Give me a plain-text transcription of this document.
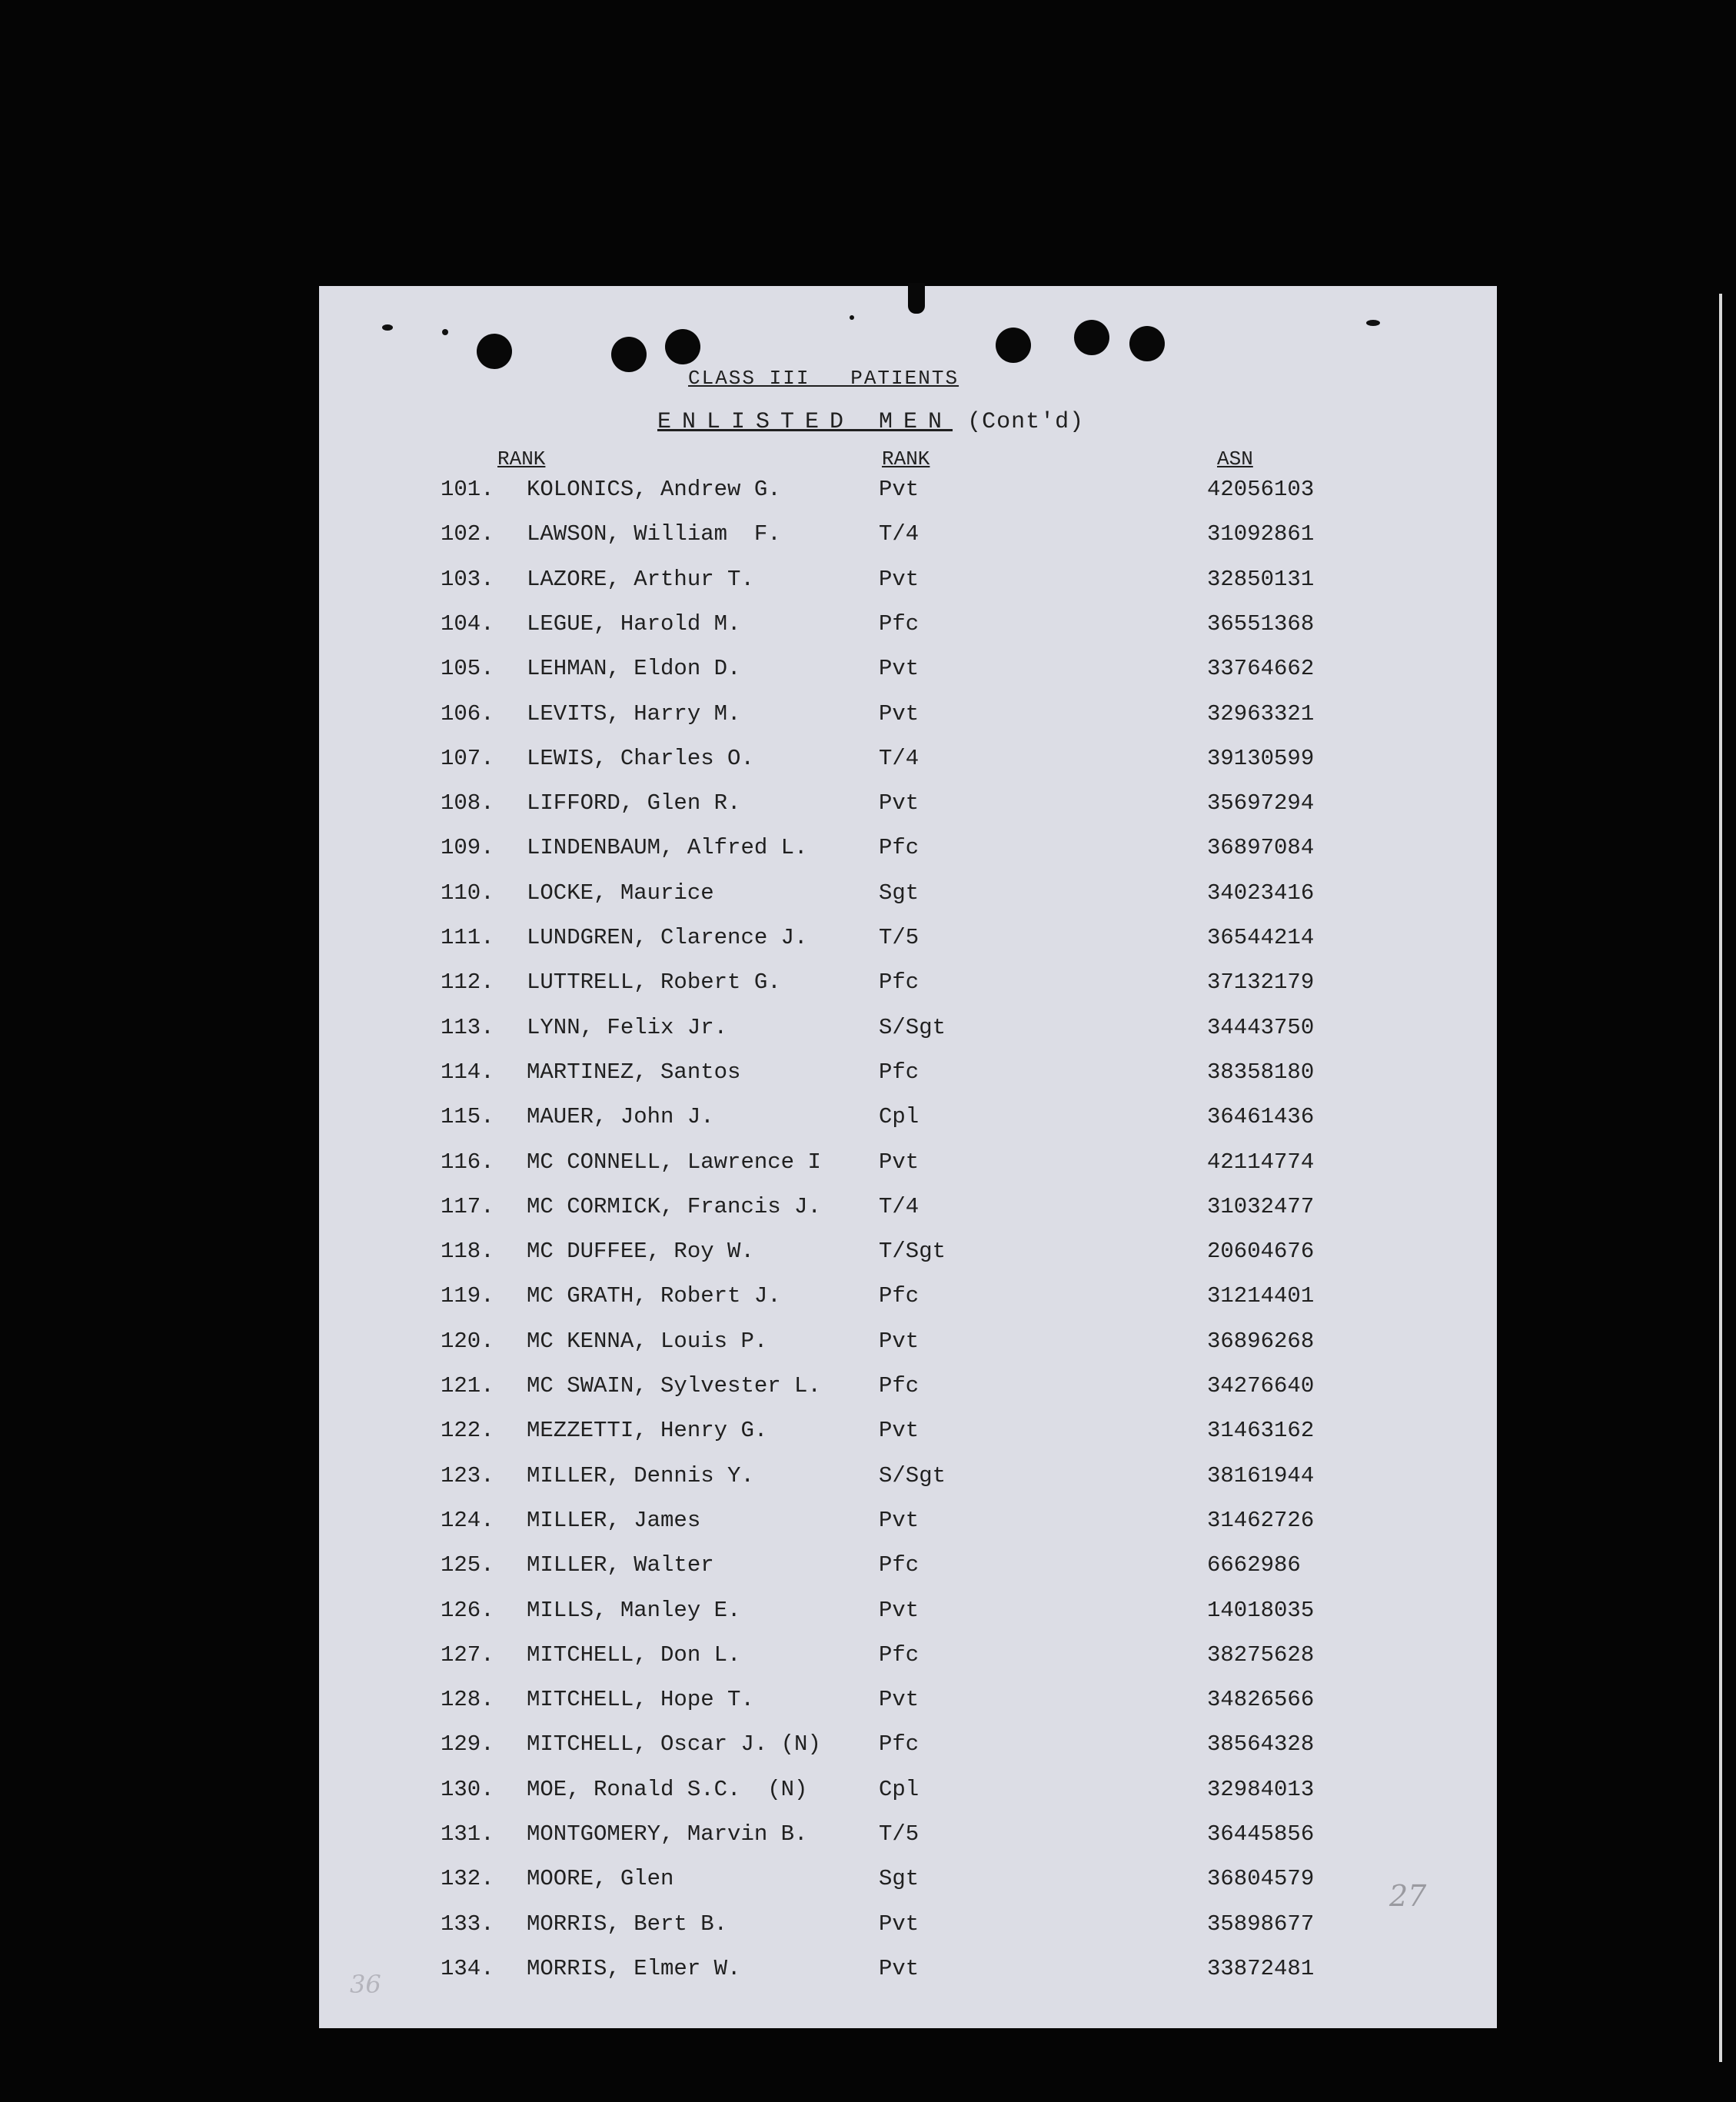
CLASS III   PATIENTS
ENLISTED MEN (Cont'd)
RANK	RANK	ASN
101. KOLONICS, Andrew G.	Pvt	42056103
102. LAWSON, William  F.	T/4	31092861
103. LAZORE, Arthur T.	Pvt	32850131
104. LEGUE, Harold M.	Pfc	36551368
105. LEHMAN, Eldon D.	Pvt	33764662
106. LEVITS, Harry M.	Pvt	32963321
107. LEWIS, Charles O.	T/4	39130599
108. LIFFORD, Glen R.	Pvt	35697294
109. LINDENBAUM, Alfred L.	Pfc	36897084
110. LOCKE, Maurice	Sgt	34023416
111. LUNDGREN, Clarence J.	T/5	36544214
112. LUTTRELL, Robert G.	Pfc	37132179
113. LYNN, Felix Jr.	S/Sgt	34443750
114. MARTINEZ, Santos	Pfc	38358180
115. MAUER, John J.	Cpl	36461436
116. MC CONNELL, Lawrence I	Pvt	42114774
117. MC CORMICK, Francis J.	T/4	31032477
118. MC DUFFEE, Roy W.	T/Sgt	20604676
119. MC GRATH, Robert J.	Pfc	31214401
120. MC KENNA, Louis P.	Pvt	36896268
121. MC SWAIN, Sylvester L.	Pfc	34276640
122. MEZZETTI, Henry G.	Pvt	31463162
123. MILLER, Dennis Y.	S/Sgt	38161944
124. MILLER, James	Pvt	31462726
125. MILLER, Walter	Pfc	6662986
126. MILLS, Manley E.	Pvt	14018035
127. MITCHELL, Don L.	Pfc	38275628
128. MITCHELL, Hope T.	Pvt	34826566
129. MITCHELL, Oscar J. (N)	Pfc	38564328
130. MOE, Ronald S.C.  (N)	Cpl	32984013
131. MONTGOMERY, Marvin B.	T/5	36445856
132. MOORE, Glen	Sgt	36804579
133. MORRIS, Bert B.	Pvt	35898677
134. MORRIS, Elmer W.	Pvt	33872481
27
36
